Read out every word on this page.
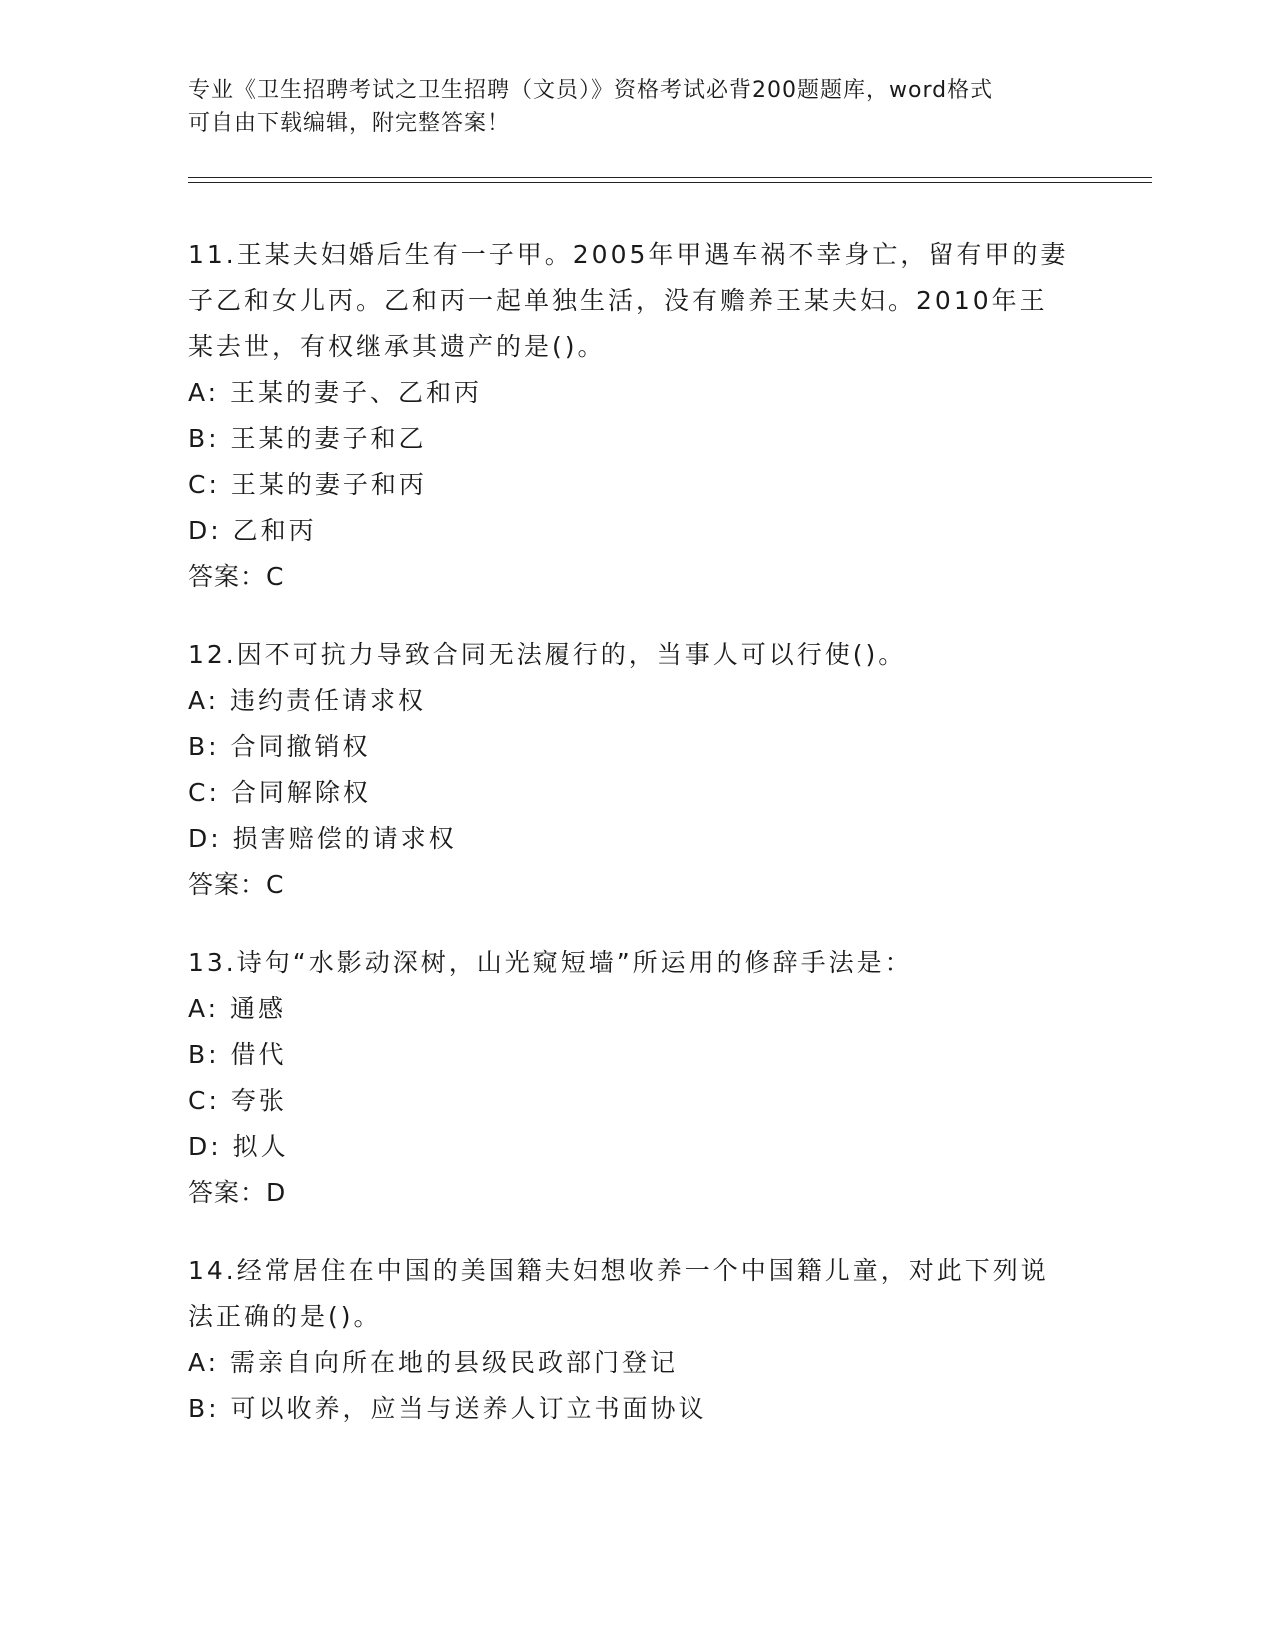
专业《卫生招聘考试之卫生招聘（文员）》资格考试必背200题题库，word格式
可自由下载编辑，附完整答案！
11.王某夫妇婚后生有一子甲。2005年甲遇车祸不幸身亡，留有甲的妻
子乙和女儿丙。乙和丙一起单独生活，没有赡养王某夫妇。2010年王
某去世，有权继承其遗产的是()。
A: 王某的妻子、乙和丙
B: 王某的妻子和乙
C: 王某的妻子和丙
D: 乙和丙
答案：C
12.因不可抗力导致合同无法履行的，当事人可以行使()。
A: 违约责任请求权
B: 合同撤销权
C: 合同解除权
D: 损害赔偿的请求权
答案：C
13.诗句“水影动深树，山光窥短墙”所运用的修辞手法是：
A: 通感
B: 借代
C: 夸张
D: 拟人
答案：D
14.经常居住在中国的美国籍夫妇想收养一个中国籍儿童，对此下列说
法正确的是()。
A: 需亲自向所在地的县级民政部门登记
B: 可以收养，应当与送养人订立书面协议
